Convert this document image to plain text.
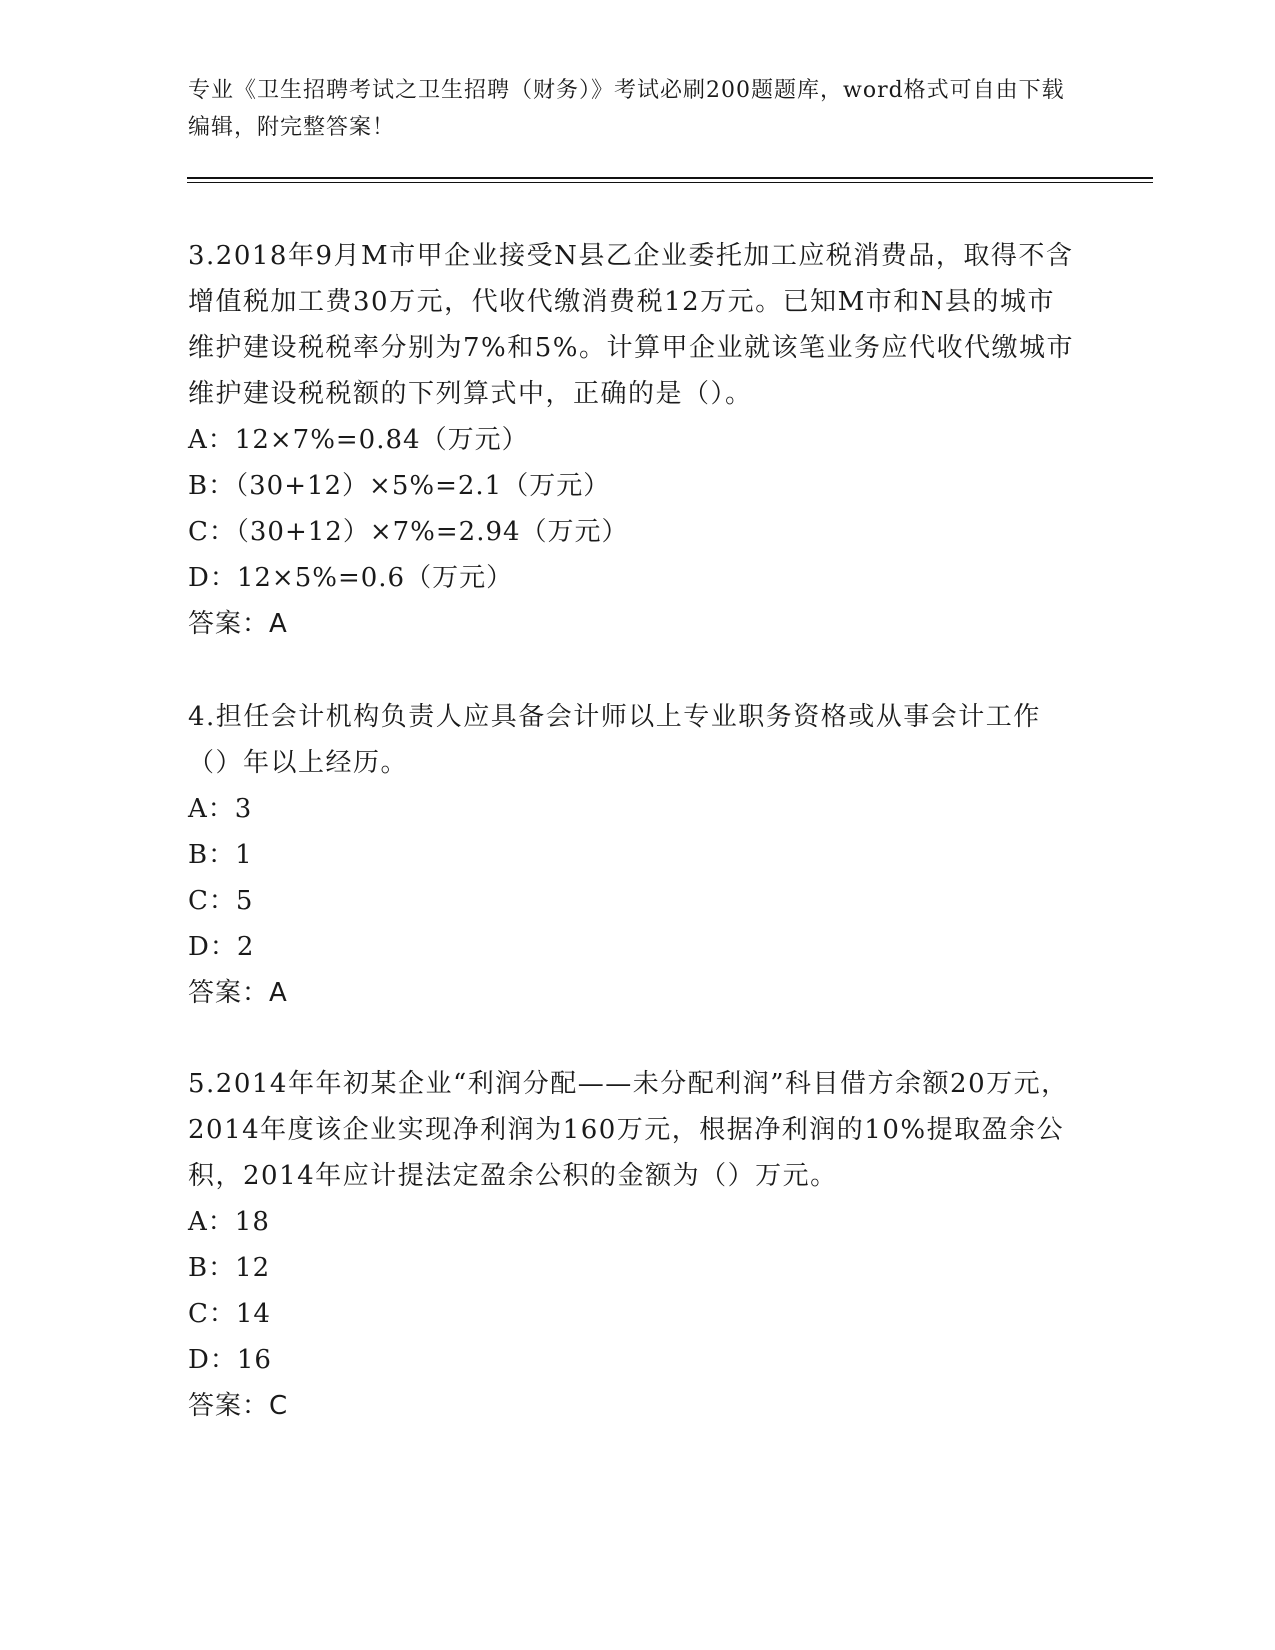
专业《卫生招聘考试之卫生招聘（财务）》考试必刷200题题库，word格式可自由下载编辑，附完整答案！

3.2018年9月M市甲企业接受N县乙企业委托加工应税消费品，取得不含增值税加工费30万元，代收代缴消费税12万元。已知M市和N县的城市维护建设税税率分别为7%和5%。计算甲企业就该笔业务应代收代缴城市维护建设税税额的下列算式中，正确的是（）。

A：12×7%=0.84（万元）

B：（30+12）×5%=2.1（万元）

C：（30+12）×7%=2.94（万元）

D：12×5%=0.6（万元）

答案：A

4.担任会计机构负责人应具备会计师以上专业职务资格或从事会计工作（）年以上经历。

A：3

B：1

C：5

D：2

答案：A

5.2014年年初某企业“利润分配——未分配利润”科目借方余额20万元，2014年度该企业实现净利润为160万元，根据净利润的10%提取盈余公积，2014年应计提法定盈余公积的金额为（）万元。

A：18

B：12

C：14

D：16

答案：C
